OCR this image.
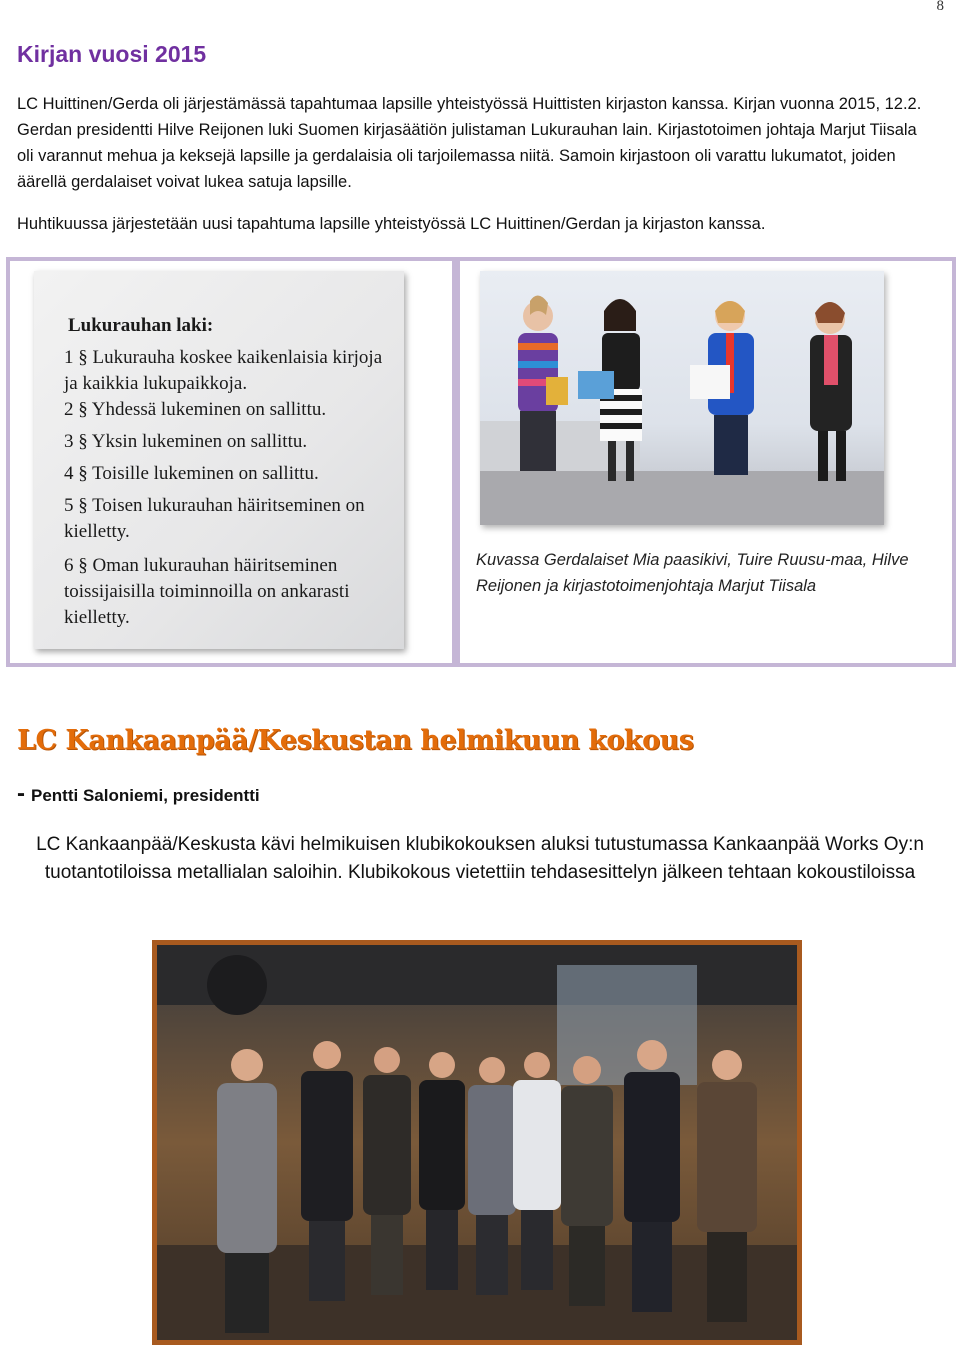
8
Kirjan vuosi 2015
LC Huittinen/Gerda oli järjestämässä tapahtumaa lapsille yhteistyössä Huittisten kirjaston kanssa. Kirjan vuonna 2015, 12.2. Gerdan presidentti Hilve Reijonen luki Suomen kirjasäätiön julistaman Lukurauhan lain. Kirjastotoimen johtaja Marjut Tiisala oli varannut mehua ja keksejä lapsille ja gerdalaisia oli tarjoilemassa niitä. Samoin kirjastoon oli varattu lukumatot, joiden äärellä gerdalaiset voivat lukea satuja lapsille.
Huhtikuussa järjestetään uusi tapahtuma lapsille yhteistyössä LC Huittinen/Gerdan ja kirjaston kanssa.
Lukurauhan laki:
1 § Lukurauha koskee kaikenlaisia kirjoja ja kaikkia lukupaikkoja.
2 § Yhdessä lukeminen on sallittu.
3 § Yksin lukeminen on sallittu.
4 § Toisille lukeminen on sallittu.
5 § Toisen lukurauhan häiritseminen on kielletty.
6 § Oman lukurauhan häiritseminen toissijaisilla toiminnoilla on ankarasti kielletty.
Kuvassa Gerdalaiset Mia paasikivi, Tuire Ruusu-maa, Hilve Reijonen ja kirjastotoimenjohtaja Marjut Tiisala
LC Kankaanpää/Keskustan helmikuun kokous
- Pentti Saloniemi, presidentti
LC Kankaanpää/Keskusta kävi helmikuisen klubikokouksen aluksi tutustumassa Kankaanpää Works Oy:n tuotantotiloissa metallialan saloihin. Klubikokous vietettiin tehdasesittelyn jälkeen tehtaan kokoustiloissa
